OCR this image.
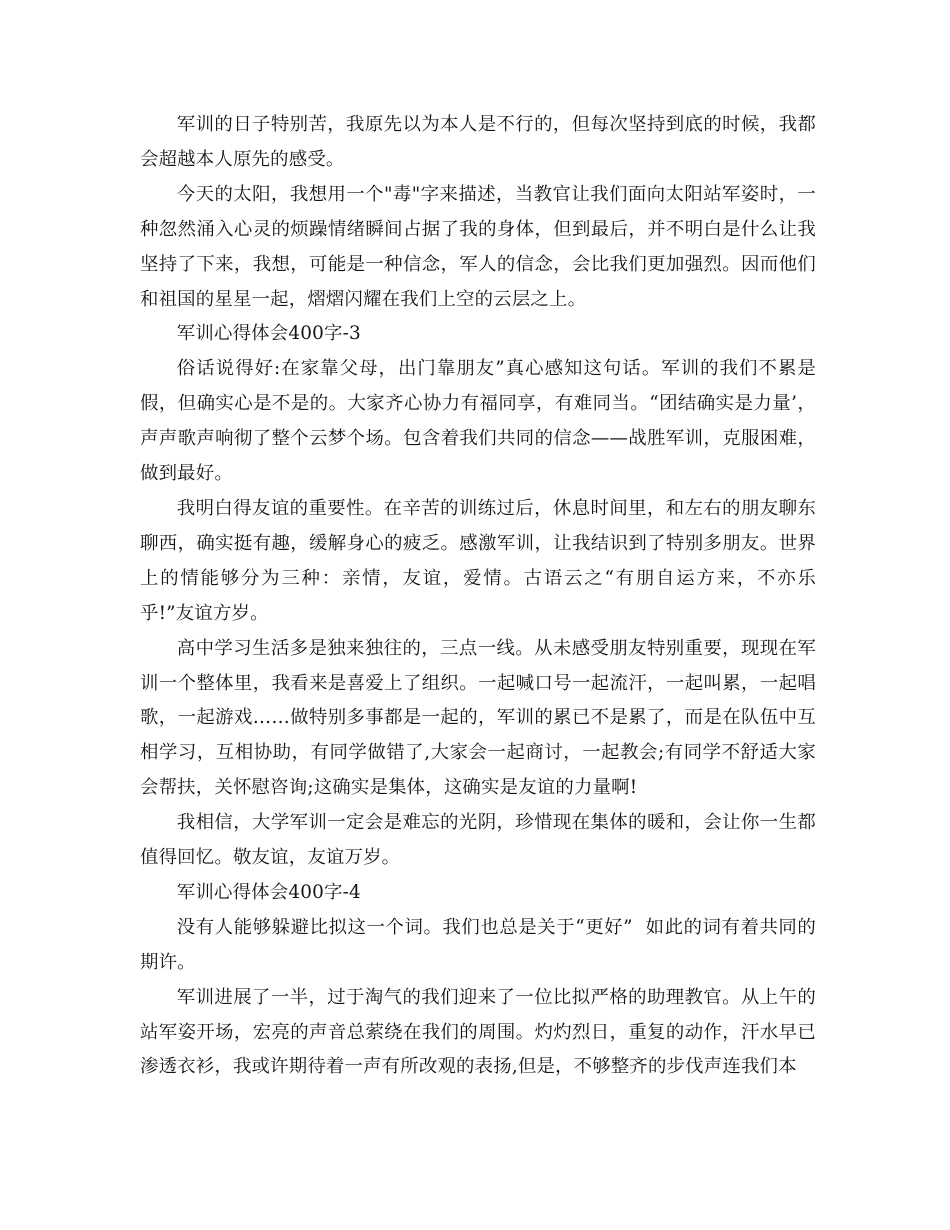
军训的日子特别苦，我原先以为本人是不行的，但每次坚持到底的时候，我都会超越本人原先的感受。

今天的太阳，我想用一个"毒"字来描述，当教官让我们面向太阳站军姿时，一种忽然涌入心灵的烦躁情绪瞬间占据了我的身体，但到最后，并不明白是什么让我坚持了下来，我想，可能是一种信念，军人的信念，会比我们更加强烈。因而他们和祖国的星星一起，熠熠闪耀在我们上空的云层之上。

军训心得体会400字-3

俗话说得好:在家靠父母，出门靠朋友”真心感知这句话。军训的我们不累是假，但确实心是不是的。大家齐心协力有福同享，有难同当。“团结确实是力量’，声声歌声响彻了整个云梦个场。包含着我们共同的信念——战胜军训，克服困难，做到最好。

我明白得友谊的重要性。在辛苦的训练过后，休息时间里，和左右的朋友聊东聊西，确实挺有趣，缓解身心的疲乏。感激军训，让我结识到了特别多朋友。世界上的情能够分为三种：亲情，友谊，爱情。古语云之“有朋自运方来，不亦乐乎!”友谊方岁。

高中学习生活多是独来独往的，三点一线。从未感受朋友特别重要，现现在军训一个整体里，我看来是喜爱上了组织。一起喊口号一起流汗，一起叫累，一起唱歌，一起游戏……做特别多事都是一起的，军训的累已不是累了，而是在队伍中互相学习，互相协助，有同学做错了,大家会一起商讨，一起教会;有同学不舒适大家会帮扶，关怀慰咨询;这确实是集体，这确实是友谊的力量啊!

我相信，大学军训一定会是难忘的光阴，珍惜现在集体的暖和，会让你一生都值得回忆。敬友谊，友谊万岁。

军训心得体会400字-4

没有人能够躲避比拟这一个词。我们也总是关于“更好”  如此的词有着共同的期许。

军训进展了一半，过于淘气的我们迎来了一位比拟严格的助理教官。从上午的站军姿开场，宏亮的声音总萦绕在我们的周围。灼灼烈日，重复的动作，汗水早已渗透衣衫，我或许期待着一声有所改观的表扬,但是，不够整齐的步伐声连我们本
